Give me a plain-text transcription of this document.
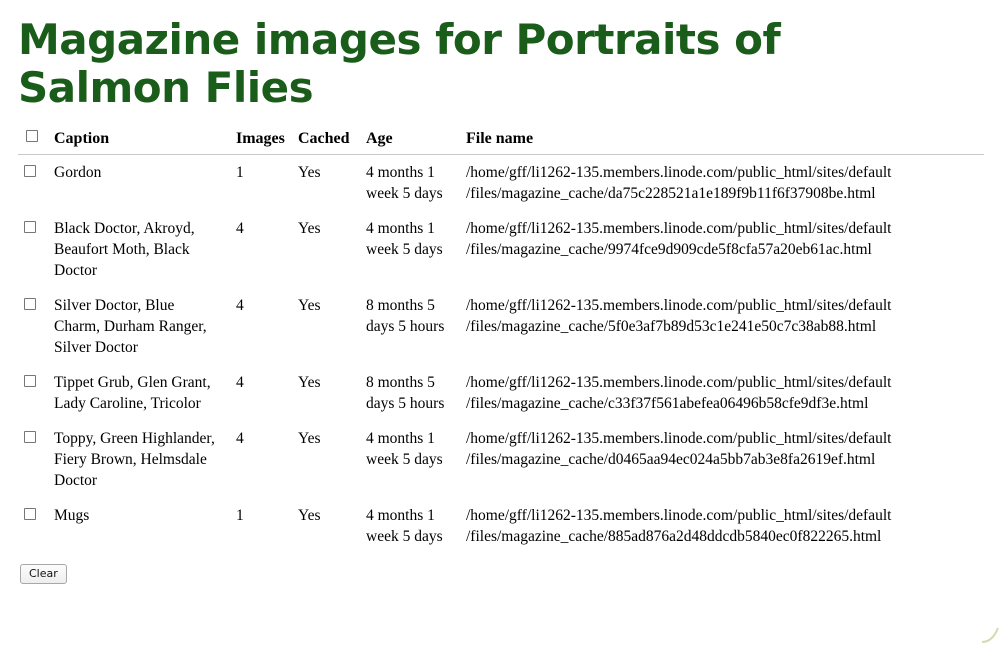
Magazine images for Portraits of Salmon Flies
	Caption	Images	Cached	Age	File name
	Gordon	1	Yes	4 months 1 week 5 days	/home/gff/li1262-135.members.linode.com/public_html/sites/default
/files/magazine_cache/da75c228521a1e189f9b11f6f37908be.html

	Black Doctor, Akroyd, Beaufort Moth, Black Doctor	4	Yes	4 months 1 week 5 days	/home/gff/li1262-135.members.linode.com/public_html/sites/default
/files/magazine_cache/9974fce9d909cde5f8cfa57a20eb61ac.html

	Silver Doctor, Blue Charm, Durham Ranger, Silver Doctor	4	Yes	8 months 5 days 5 hours	/home/gff/li1262-135.members.linode.com/public_html/sites/default
/files/magazine_cache/5f0e3af7b89d53c1e241e50c7c38ab88.html

	Tippet Grub, Glen Grant, Lady Caroline, Tricolor	4	Yes	8 months 5 days 5 hours	/home/gff/li1262-135.members.linode.com/public_html/sites/default
/files/magazine_cache/c33f37f561abefea06496b58cfe9df3e.html

	Toppy, Green Highlander, Fiery Brown, Helmsdale Doctor	4	Yes	4 months 1 week 5 days	/home/gff/li1262-135.members.linode.com/public_html/sites/default
/files/magazine_cache/d0465aa94ec024a5bb7ab3e8fa2619ef.html

	Mugs	1	Yes	4 months 1 week 5 days	/home/gff/li1262-135.members.linode.com/public_html/sites/default
/files/magazine_cache/885ad876a2d48ddcdb5840ec0f822265.html
Clear
